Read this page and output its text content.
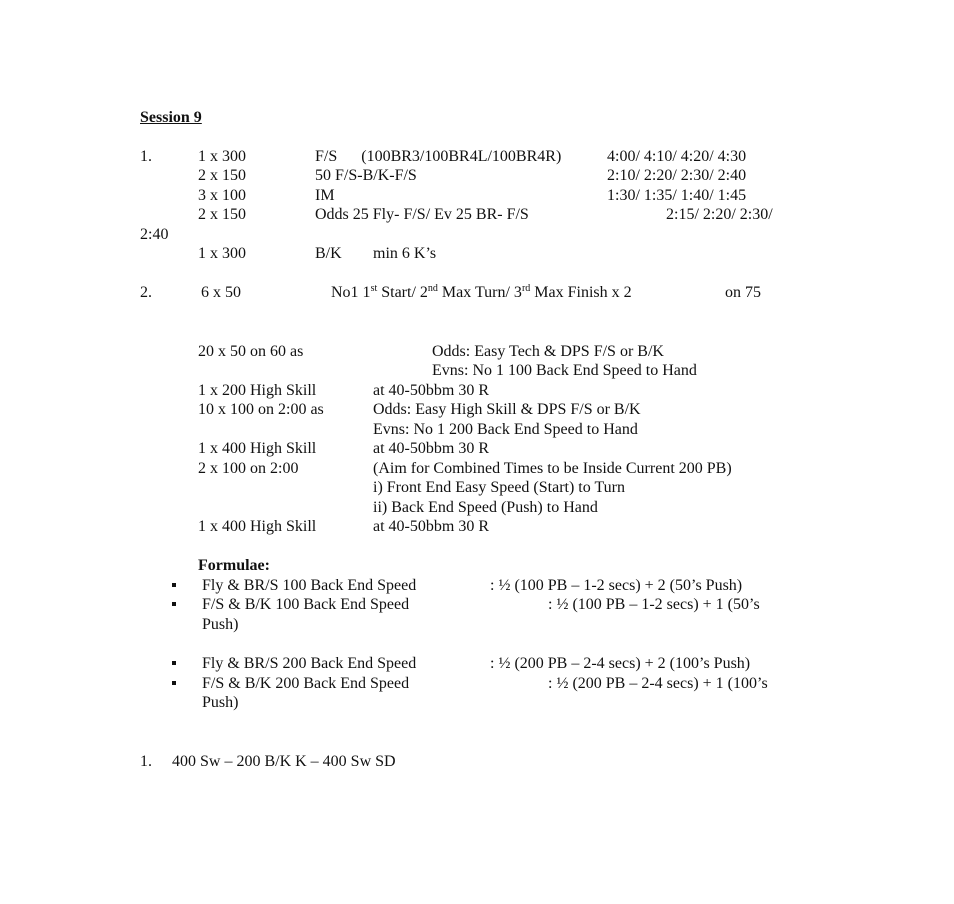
Session 9
1.	1 x 300	F/S      (100BR3/100BR4L/100BR4R)	4:00/ 4:10/ 4:20/ 4:30
2 x 150	50 F/S-B/K-F/S	2:10/ 2:20/ 2:30/ 2:40
3 x 100	IM	1:30/ 1:35/ 1:40/ 1:45
2 x 150	Odds 25 Fly- F/S/ Ev 25 BR- F/S	2:15/ 2:20/ 2:30/
2:40
1 x 300	B/K min 6 K’s
2.	6 x 50	No1 1st Start/ 2nd Max Turn/ 3rd Max Finish x 2	on 75
20 x 50 on 60 as	Odds: Easy Tech & DPS F/S or B/K
Evns: No 1 100 Back End Speed to Hand
1 x 200 High Skill	at 40-50bbm 30 R
10 x 100 on 2:00 as	Odds: Easy High Skill & DPS F/S or B/K
Evns: No 1 200 Back End Speed to Hand
1 x 400 High Skill	at 40-50bbm 30 R
2 x 100 on 2:00	(Aim for Combined Times to be Inside Current 200 PB)
i) Front End Easy Speed (Start) to Turn
ii) Back End Speed (Push) to Hand
1 x 400 High Skill	at 40-50bbm 30 R
Formulae:
Fly & BR/S 100 Back End Speed	: ½ (100 PB – 1-2 secs) + 2 (50’s Push)
F/S & B/K 100 Back End Speed	: ½ (100 PB – 1-2 secs) + 1 (50’s
Push)
Fly & BR/S 200 Back End Speed	: ½ (200 PB – 2-4 secs) + 2 (100’s Push)
F/S & B/K 200 Back End Speed	: ½ (200 PB – 2-4 secs) + 1 (100’s
Push)
1. 400 Sw – 200 B/K K – 400 Sw SD
